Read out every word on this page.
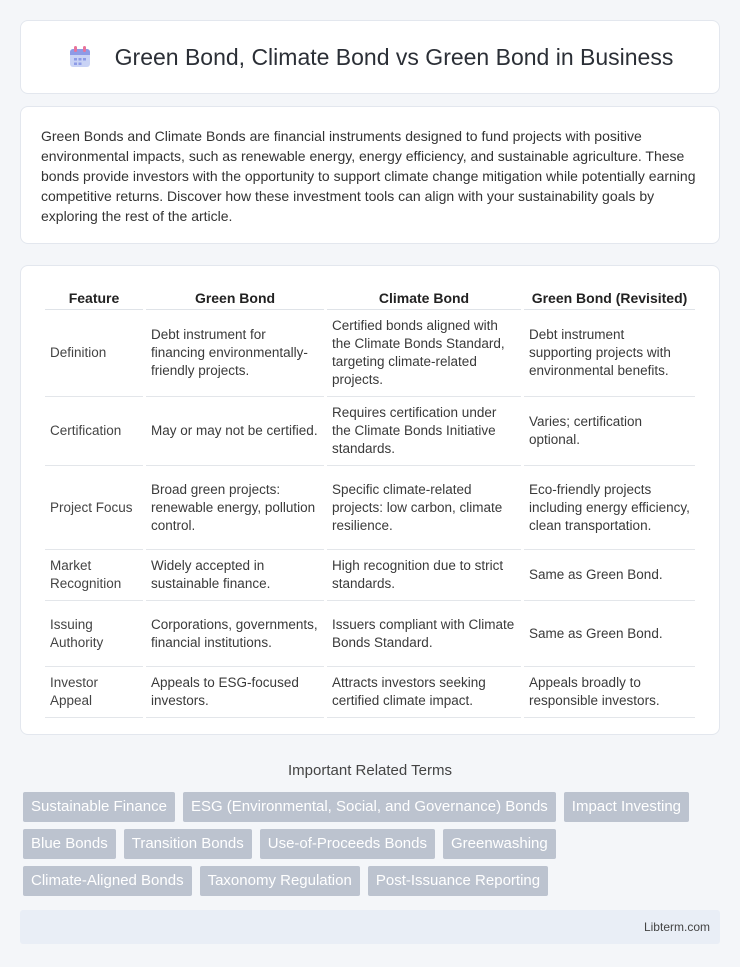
Green Bond, Climate Bond vs Green Bond in Business

Green Bonds and Climate Bonds are financial instruments designed to fund projects with positive environmental impacts, such as renewable energy, energy efficiency, and sustainable agriculture. These bonds provide investors with the opportunity to support climate change mitigation while potentially earning competitive returns. Discover how these investment tools can align with your sustainability goals by exploring the rest of the article.

Feature	Green Bond	Climate Bond	Green Bond (Revisited)
Definition	Debt instrument for financing environmentally-friendly projects.	Certified bonds aligned with the Climate Bonds Standard, targeting climate-related projects.	Debt instrument supporting projects with environmental benefits.
Certification	May or may not be certified.	Requires certification under the Climate Bonds Initiative standards.	Varies; certification optional.
Project Focus	Broad green projects: renewable energy, pollution control.	Specific climate-related projects: low carbon, climate resilience.	Eco-friendly projects including energy efficiency, clean transportation.
Market Recognition	Widely accepted in sustainable finance.	High recognition due to strict standards.	Same as Green Bond.
Issuing Authority	Corporations, governments, financial institutions.	Issuers compliant with Climate Bonds Standard.	Same as Green Bond.
Investor Appeal	Appeals to ESG-focused investors.	Attracts investors seeking certified climate impact.	Appeals broadly to responsible investors.
Important Related Terms
Sustainable Finance	ESG (Environmental, Social, and Governance) Bonds	Impact Investing
Blue Bonds	Transition Bonds	Use-of-Proceeds Bonds	Greenwashing
Climate-Aligned Bonds	Taxonomy Regulation	Post-Issuance Reporting
Libterm.com
